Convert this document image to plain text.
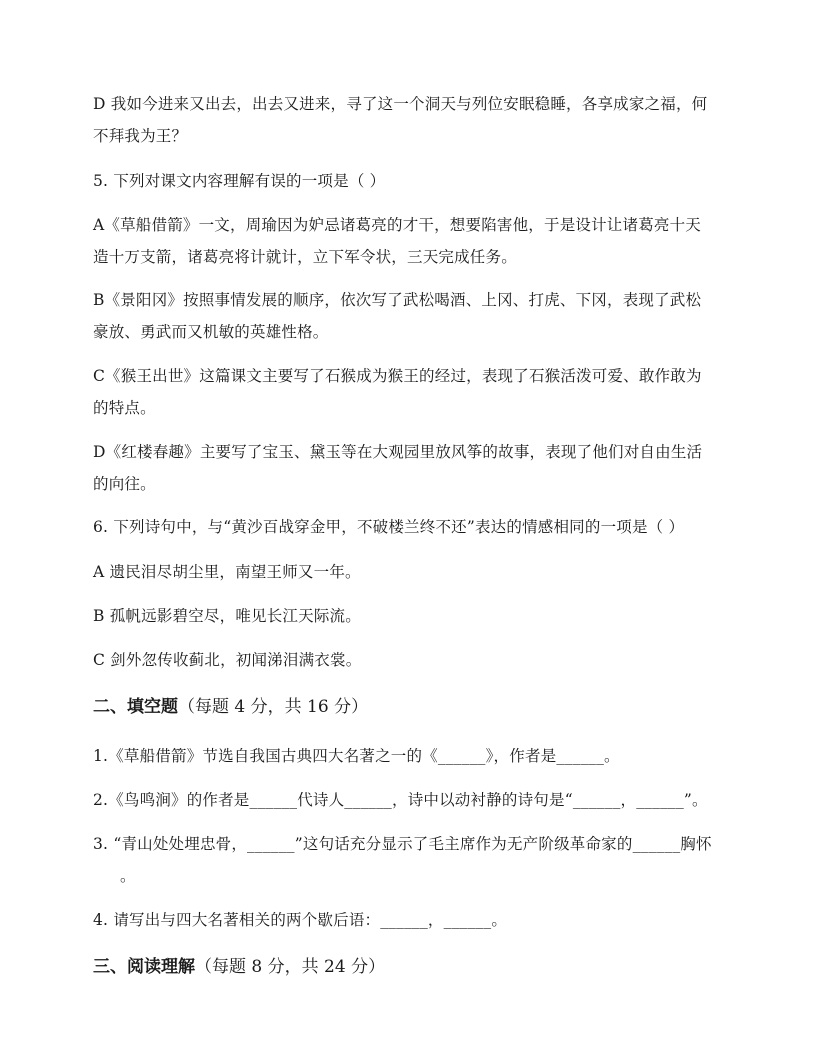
D 我如今进来又出去，出去又进来，寻了这一个洞天与列位安眠稳睡，各享成家之福，何
不拜我为王？
5. 下列对课文内容理解有误的一项是（ ）
A《草船借箭》一文，周瑜因为妒忌诸葛亮的才干，想要陷害他，于是设计让诸葛亮十天
造十万支箭，诸葛亮将计就计，立下军令状，三天完成任务。
B《景阳冈》按照事情发展的顺序，依次写了武松喝酒、上冈、打虎、下冈，表现了武松
豪放、勇武而又机敏的英雄性格。
C《猴王出世》这篇课文主要写了石猴成为猴王的经过，表现了石猴活泼可爱、敢作敢为
的特点。
D《红楼春趣》主要写了宝玉、黛玉等在大观园里放风筝的故事，表现了他们对自由生活
的向往。
6. 下列诗句中，与“黄沙百战穿金甲，不破楼兰终不还”表达的情感相同的一项是（ ）
A 遗民泪尽胡尘里，南望王师又一年。
B 孤帆远影碧空尽，唯见长江天际流。
C 剑外忽传收蓟北，初闻涕泪满衣裳。
二、填空题（每题 4 分，共 16 分）
1.《草船借箭》节选自我国古典四大名著之一的《______》，作者是______。
2.《鸟鸣涧》的作者是______代诗人______，诗中以动衬静的诗句是“______，______”。
3. “青山处处埋忠骨，______”这句话充分显示了毛主席作为无产阶级革命家的______胸怀
。
4. 请写出与四大名著相关的两个歇后语：______，______。
三、阅读理解（每题 8 分，共 24 分）
